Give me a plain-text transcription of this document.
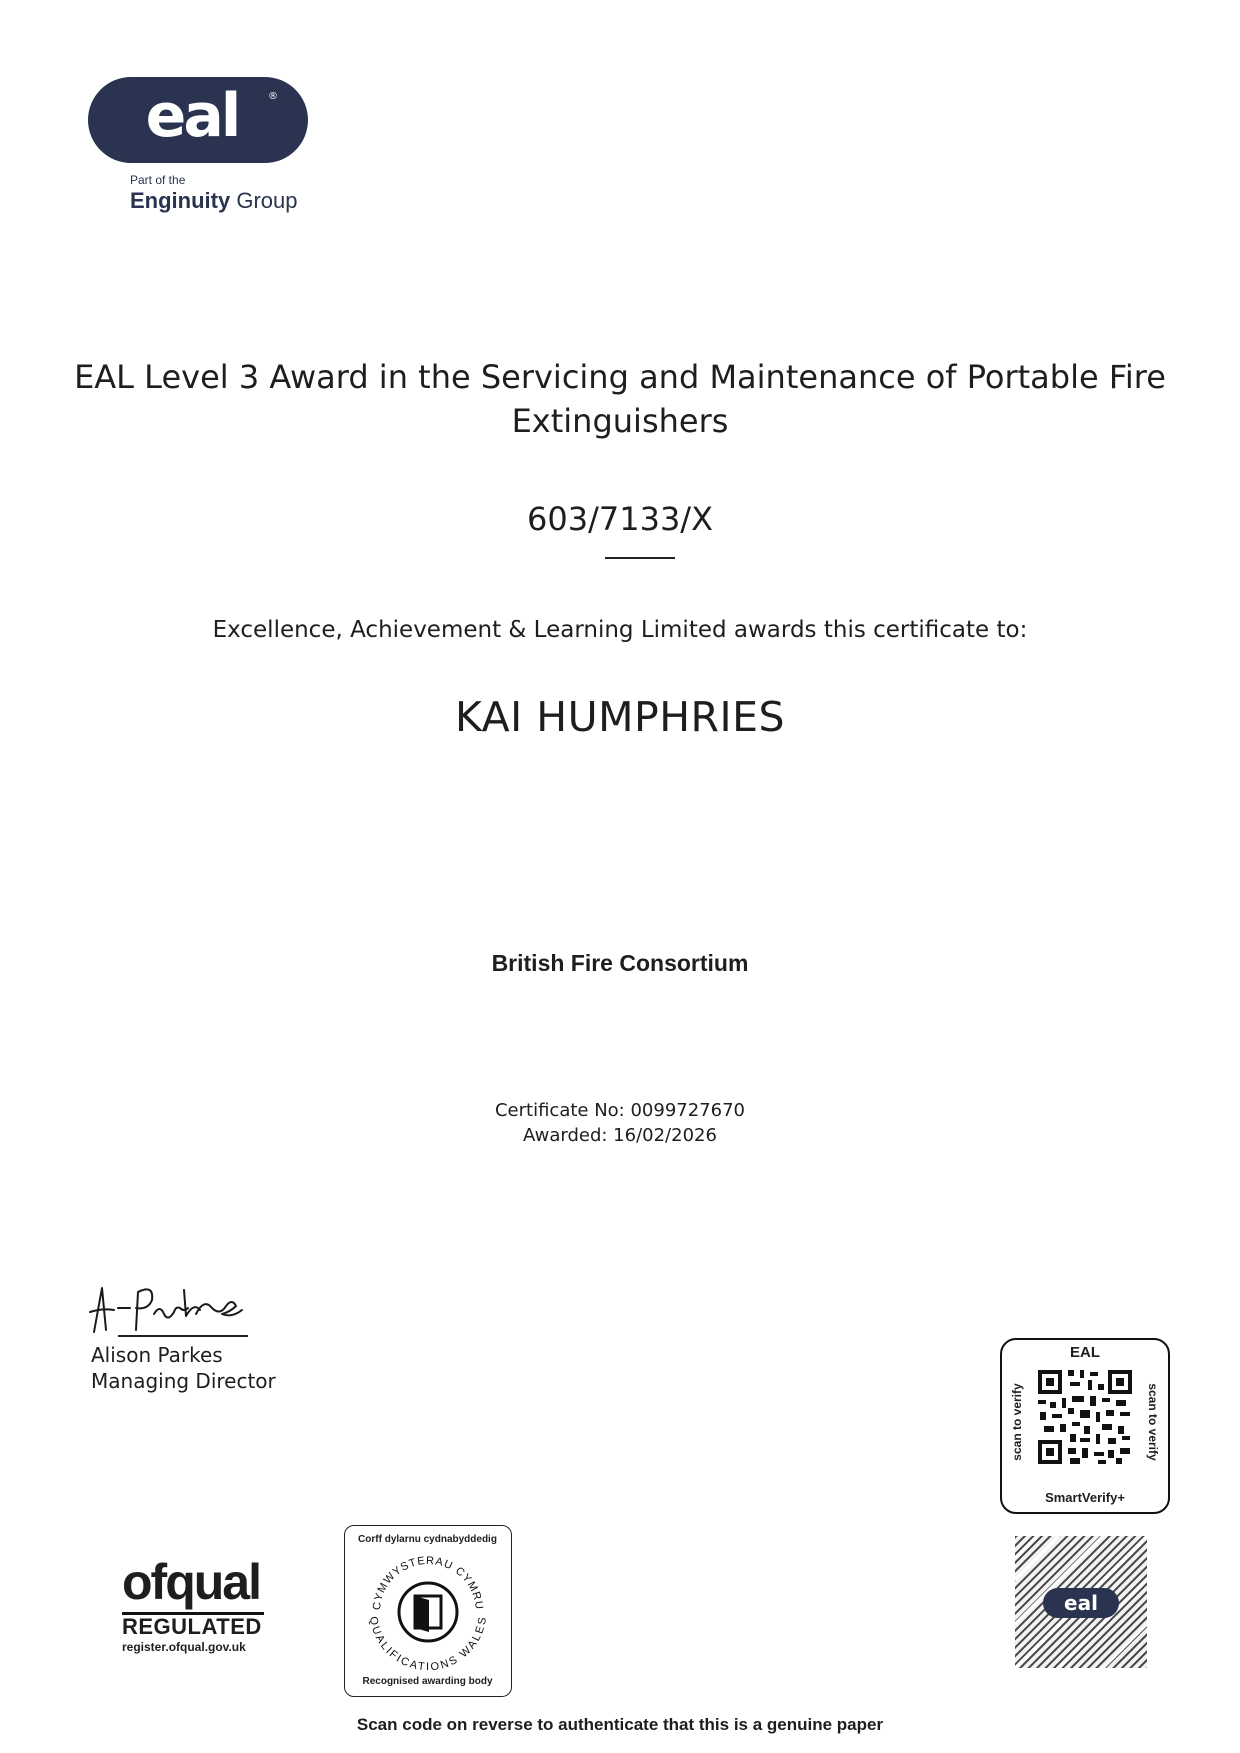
eal	®
Part of the
Enginuity Group
EAL Level 3 Award in the Servicing and Maintenance of Portable Fire Extinguishers
603/7133/X
Excellence, Achievement & Learning Limited awards this certificate to:
KAI HUMPHRIES
British Fire Consortium
Certificate No: 0099727670
Awarded: 16/02/2026
Alison Parkes
Managing Director
ofqual
REGULATED
register.ofqual.gov.uk
Corff dylarnu cydnabyddedig
CYMWYSTERAU CYMRU
QUALIFICATIONS WALES
Recognised awarding body
EAL
scan to verify	scan to verify
SmartVerify+
eal
Scan code on reverse to authenticate that this is a genuine paper
